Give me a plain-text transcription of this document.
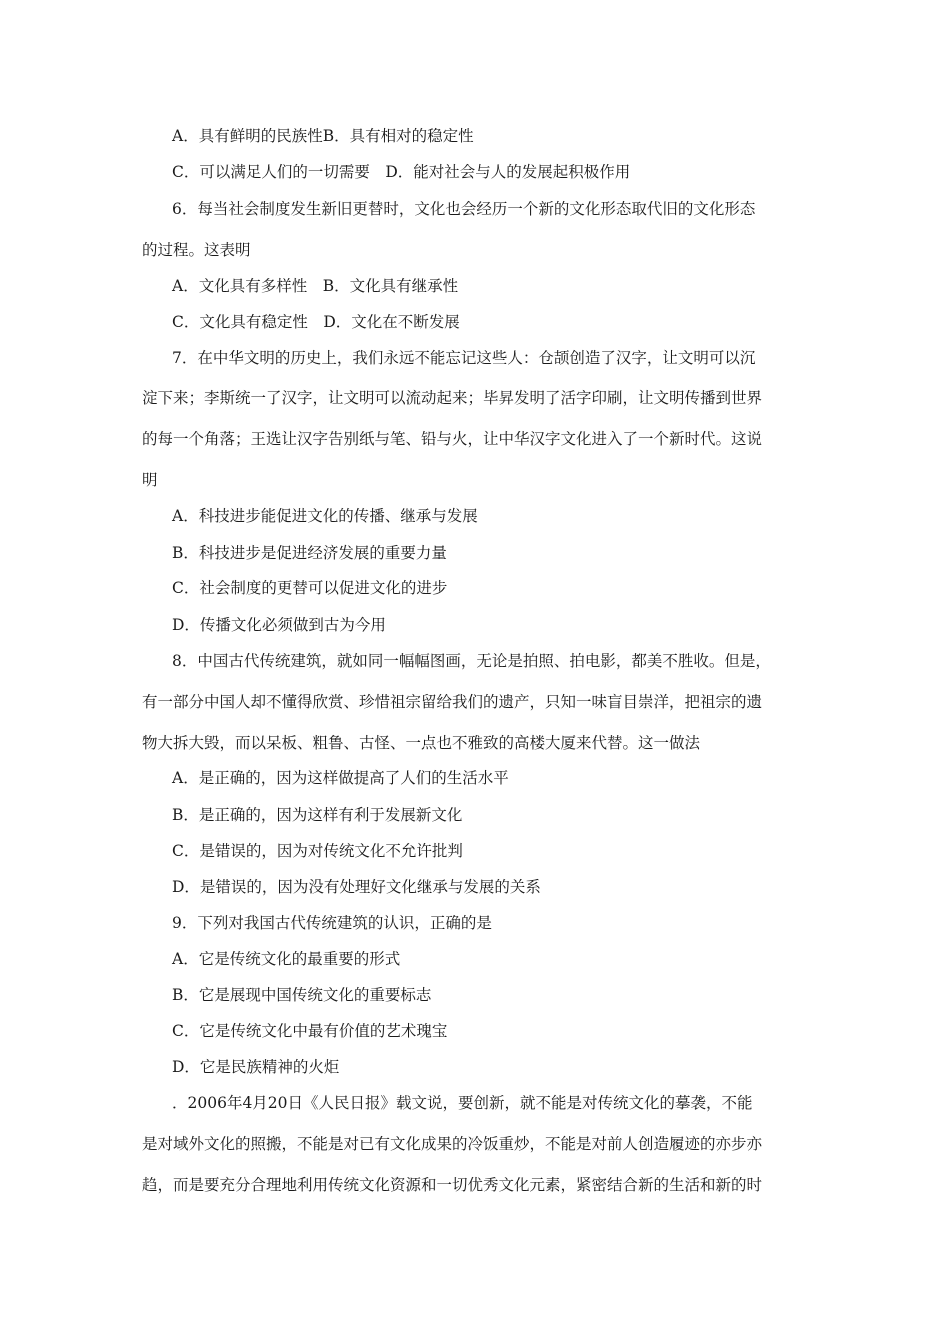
A．具有鲜明的民族性B．具有相对的稳定性
C．可以满足人们的一切需要　D．能对社会与人的发展起积极作用
6．每当社会制度发生新旧更替时，文化也会经历一个新的文化形态取代旧的文化形态
的过程。这表明
A．文化具有多样性　B．文化具有继承性
C．文化具有稳定性　D．文化在不断发展
7．在中华文明的历史上，我们永远不能忘记这些人：仓颉创造了汉字，让文明可以沉
淀下来；李斯统一了汉字，让文明可以流动起来；毕昇发明了活字印刷，让文明传播到世界
的每一个角落；王选让汉字告别纸与笔、铅与火，让中华汉字文化进入了一个新时代。这说
明
A．科技进步能促进文化的传播、继承与发展
B．科技进步是促进经济发展的重要力量
C．社会制度的更替可以促进文化的进步
D．传播文化必须做到古为今用
8．中国古代传统建筑，就如同一幅幅图画，无论是拍照、拍电影，都美不胜收。但是，
有一部分中国人却不懂得欣赏、珍惜祖宗留给我们的遗产，只知一味盲目崇洋，把祖宗的遗
物大拆大毁，而以呆板、粗鲁、古怪、一点也不雅致的高楼大厦来代替。这一做法
A．是正确的，因为这样做提高了人们的生活水平
B．是正确的，因为这样有利于发展新文化
C．是错误的，因为对传统文化不允许批判
D．是错误的，因为没有处理好文化继承与发展的关系
9．下列对我国古代传统建筑的认识，正确的是
A．它是传统文化的最重要的形式
B．它是展现中国传统文化的重要标志
C．它是传统文化中最有价值的艺术瑰宝
D．它是民族精神的火炬
．2006年4月20日《人民日报》载文说，要创新，就不能是对传统文化的摹袭，不能
是对域外文化的照搬，不能是对已有文化成果的冷饭重炒，不能是对前人创造履迹的亦步亦
趋，而是要充分合理地利用传统文化资源和一切优秀文化元素，紧密结合新的生活和新的时
